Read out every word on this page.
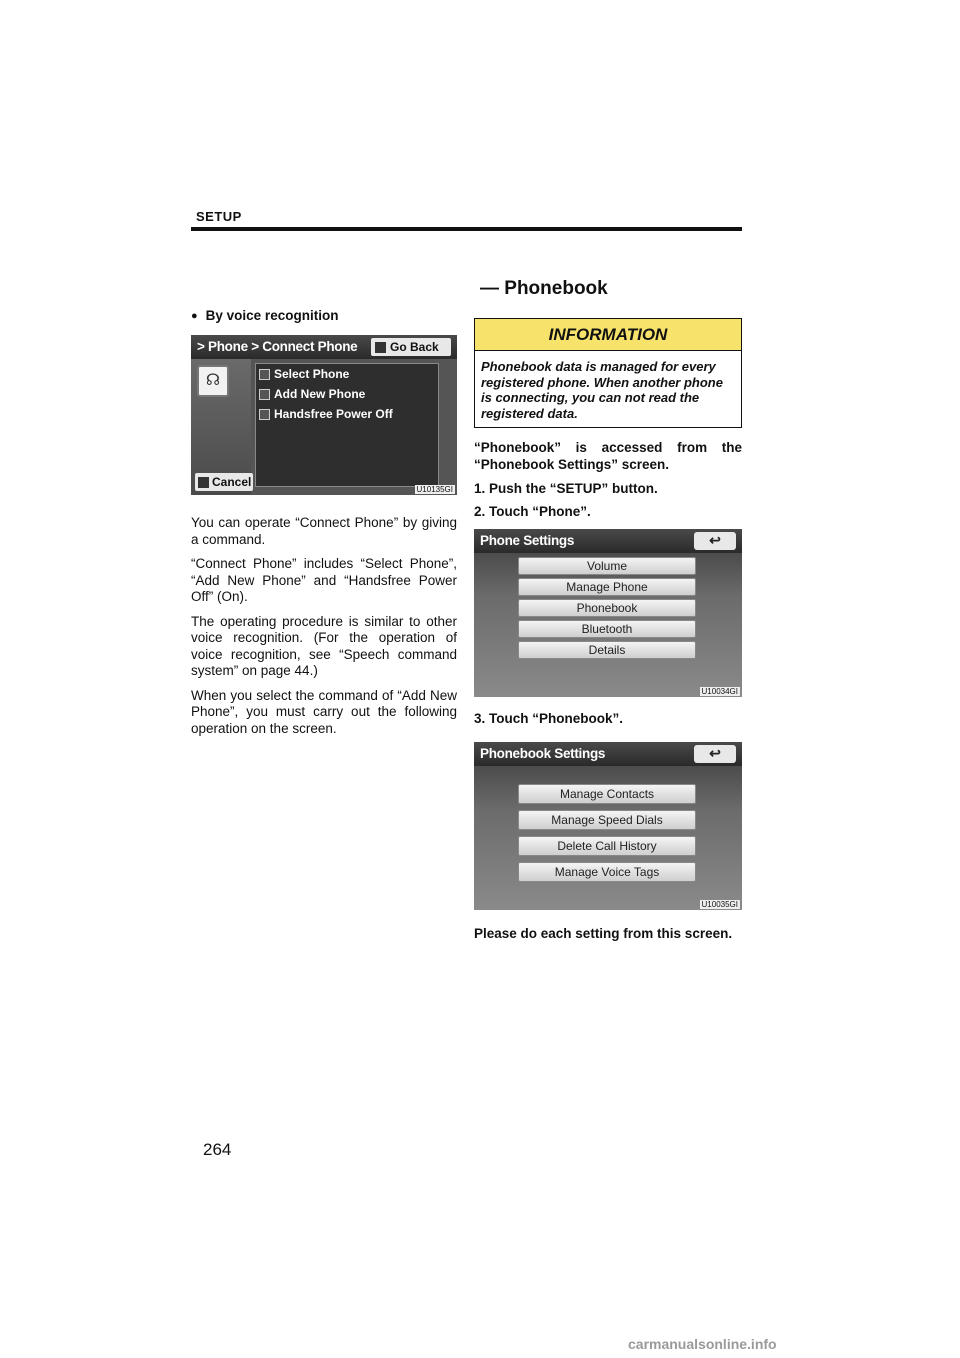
SETUP
— Phonebook
● By voice recognition
> Phone > Connect Phone	Go Back
☊	Select Phone
Add New Phone
Handsfree Power Off
Cancel
U10135GI

You can operate “Connect Phone” by giving a command.

“Connect Phone” includes “Select Phone”, “Add New Phone” and “Handsfree Power Off” (On).

The operating procedure is similar to other voice recognition. (For the operation of voice recognition, see “Speech command system” on page 44.)

When you select the command of “Add New Phone”, you must carry out the following operation on the screen.

INFORMATION
Phonebook data is managed for every registered phone. When another phone is connecting, you can not read the registered data.

“Phonebook” is accessed from the “Phonebook Settings” screen.

1. Push the “SETUP” button.
2. Touch “Phone”.
Phone Settings	↩
Volume
Manage Phone
Phonebook
Bluetooth
Details
U10034GI
3. Touch “Phonebook”.
Phonebook Settings	↩
Manage Contacts
Manage Speed Dials
Delete Call History
Manage Voice Tags
U10035GI

Please do each setting from this screen.

264
carmanualsonline.info
